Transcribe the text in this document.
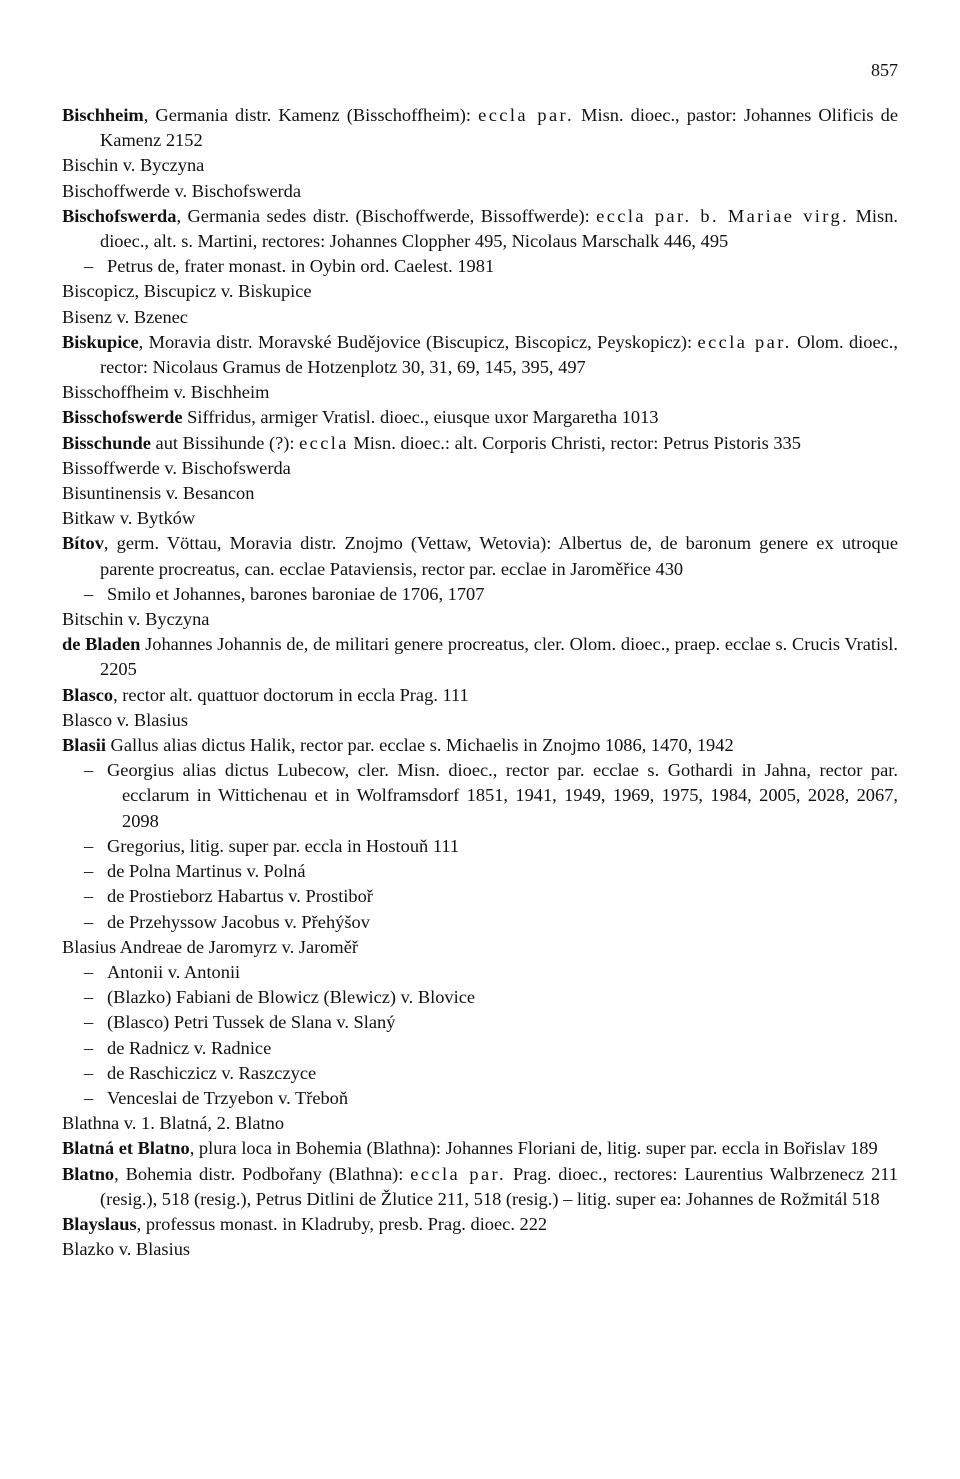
857

Bischheim, Germania distr. Kamenz (Bisschoffheim): eccla par. Misn. dioec., pastor: Johannes Olificis de Kamenz 2152

Bischin v. Byczyna

Bischoffwerde v. Bischofswerda

Bischofswerda, Germania sedes distr. (Bischoffwerde, Bissoffwerde): eccla par. b. Mariae virg. Misn. dioec., alt. s. Martini, rectores: Johannes Cloppher 495, Nicolaus Marschalk 446, 495

– Petrus de, frater monast. in Oybin ord. Caelest. 1981

Biscopicz, Biscupicz v. Biskupice

Bisenz v. Bzenec

Biskupice, Moravia distr. Moravské Budějovice (Biscupicz, Biscopicz, Peyskopicz): eccla par. Olom. dioec., rector: Nicolaus Gramus de Hotzenplotz 30, 31, 69, 145, 395, 497

Bisschoffheim v. Bischheim

Bisschofswerde Siffridus, armiger Vratisl. dioec., eiusque uxor Margaretha 1013

Bisschunde aut Bissihunde (?): eccla Misn. dioec.: alt. Corporis Christi, rector: Petrus Pistoris 335

Bissoffwerde v. Bischofswerda

Bisuntinensis v. Besancon

Bitkaw v. Bytków

Bítov, germ. Vöttau, Moravia distr. Znojmo (Vettaw, Wetovia): Albertus de, de baronum genere ex utroque parente procreatus, can. ecclae Pataviensis, rector par. ecclae in Jaroměřice 430

– Smilo et Johannes, barones baroniae de 1706, 1707

Bitschin v. Byczyna

de Bladen Johannes Johannis de, de militari genere procreatus, cler. Olom. dioec., praep. ecclae s. Crucis Vratisl. 2205

Blasco, rector alt. quattuor doctorum in eccla Prag. 111

Blasco v. Blasius

Blasii Gallus alias dictus Halik, rector par. ecclae s. Michaelis in Znojmo 1086, 1470, 1942

– Georgius alias dictus Lubecow, cler. Misn. dioec., rector par. ecclae s. Gothardi in Jahna, rector par. ecclarum in Wittichenau et in Wolframsdorf 1851, 1941, 1949, 1969, 1975, 1984, 2005, 2028, 2067, 2098

– Gregorius, litig. super par. eccla in Hostouň 111

– de Polna Martinus v. Polná

– de Prostieborz Habartus v. Prostiboř

– de Przehyssow Jacobus v. Přehýšov

Blasius Andreae de Jaromyrz v. Jaroměř

– Antonii v. Antonii

– (Blazko) Fabiani de Blowicz (Blewicz) v. Blovice

– (Blasco) Petri Tussek de Slana v. Slaný

– de Radnicz v. Radnice

– de Raschiczicz v. Raszczyce

– Venceslai de Trzyebon v. Třeboň

Blathna v. 1. Blatná, 2. Blatno

Blatná et Blatno, plura loca in Bohemia (Blathna): Johannes Floriani de, litig. super par. eccla in Bořislav 189

Blatno, Bohemia distr. Podbořany (Blathna): eccla par. Prag. dioec., rectores: Laurentius Walbrzenecz 211 (resig.), 518 (resig.), Petrus Ditlini de Žlutice 211, 518 (resig.) – litig. super ea: Johannes de Rožmitál 518

Blayslaus, professus monast. in Kladruby, presb. Prag. dioec. 222

Blazko v. Blasius
